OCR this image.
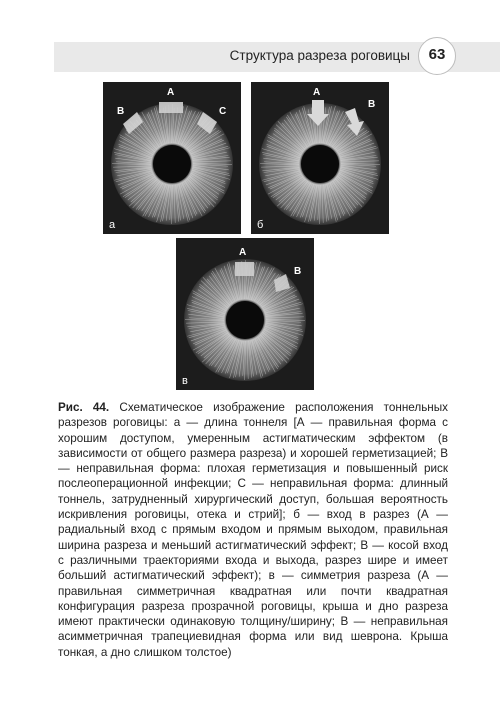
Структура разреза роговицы	63
А
В	С
а
А
В
б
А
В
в
Рис. 44. Схематическое изображение расположения тоннельных разрезов роговицы: а — длина тоннеля [А — правильная форма с хорошим доступом, умеренным астигматическим эффектом (в зависимости от общего размера разреза) и хорошей герметизацией; В — неправильная форма: плохая герметизация и повышенный риск послеоперационной инфекции; С — неправильная форма: длинный тоннель, затрудненный хирургический доступ, большая вероятность искривления роговицы, отека и стрий]; б — вход в разрез (А — радиальный вход с прямым входом и прямым выходом, правильная ширина разреза и меньший астигматический эффект; В — косой вход с различными траекториями входа и выхода, разрез шире и имеет больший астигматический эффект); в — симметрия разреза (А — правильная симметричная квадратная или почти квадратная конфигурация разреза прозрачной роговицы, крыша и дно разреза имеют практически одинаковую толщину/ширину; В — неправильная асимметричная трапециевидная форма или вид шеврона. Крыша тонкая, а дно слишком толстое)
